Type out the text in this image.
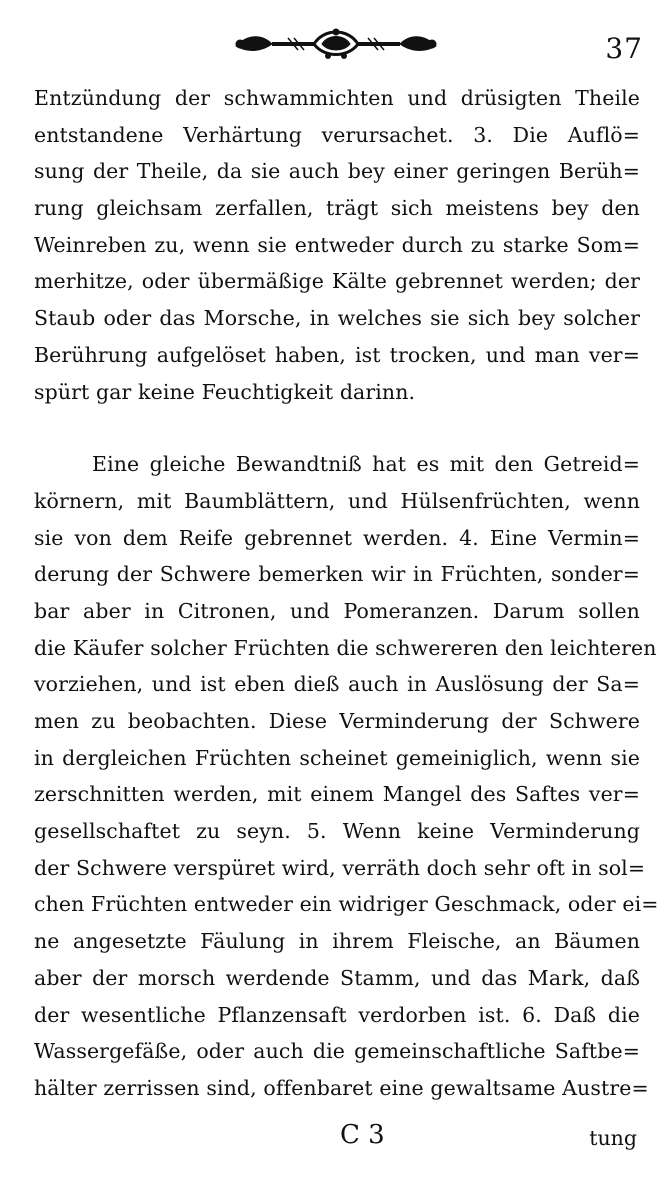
37
Entzündung der schwammichten und drüsigten Theile
entstandene Verhärtung verursachet. 3. Die Auflö=
sung der Theile, da sie auch bey einer geringen Berüh=
rung gleichsam zerfallen, trägt sich meistens bey den
Weinreben zu, wenn sie entweder durch zu starke Som=
merhitze, oder übermäßige Kälte gebrennet werden; der
Staub oder das Morsche, in welches sie sich bey solcher
Berührung aufgelöset haben, ist trocken, und man ver=
spürt gar keine Feuchtigkeit darinn.
Eine gleiche Bewandtniß hat es mit den Getreid=
körnern, mit Baumblättern, und Hülsenfrüchten, wenn
sie von dem Reife gebrennet werden. 4. Eine Vermin=
derung der Schwere bemerken wir in Früchten, sonder=
bar aber in Citronen, und Pomeranzen. Darum sollen
die Käufer solcher Früchten die schwereren den leichteren
vorziehen, und ist eben dieß auch in Auslösung der Sa=
men zu beobachten. Diese Verminderung der Schwere
in dergleichen Früchten scheinet gemeiniglich, wenn sie
zerschnitten werden, mit einem Mangel des Saftes ver=
gesellschaftet zu seyn. 5. Wenn keine Verminderung
der Schwere verspüret wird, verräth doch sehr oft in sol=
chen Früchten entweder ein widriger Geschmack, oder ei=
ne angesetzte Fäulung in ihrem Fleische, an Bäumen
aber der morsch werdende Stamm, und das Mark, daß
der wesentliche Pflanzensaft verdorben ist. 6. Daß die
Wassergefäße, oder auch die gemeinschaftliche Saftbe=
hälter zerrissen sind, offenbaret eine gewaltsame Austre=
C 3	tung
